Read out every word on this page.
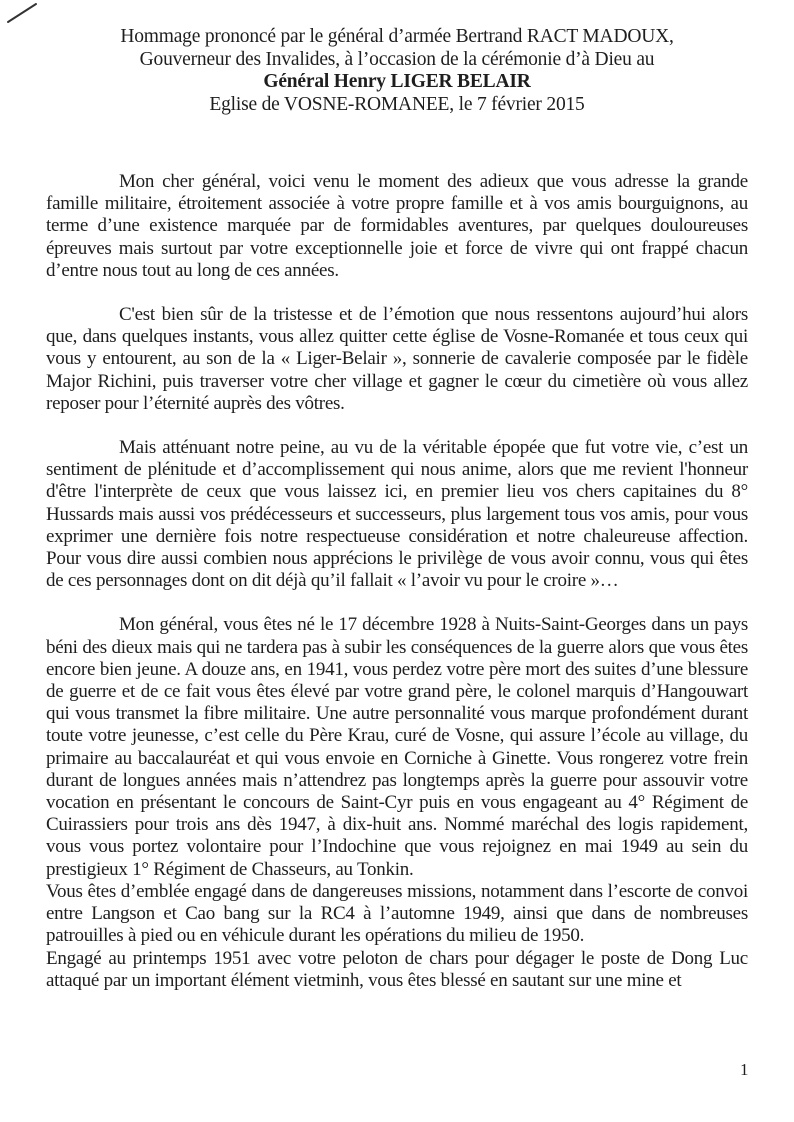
Hommage prononcé par le général d’armée Bertrand RACT MADOUX,
Gouverneur des Invalides, à l’occasion de la cérémonie d’à Dieu au
Général Henry LIGER BELAIR
Eglise de VOSNE-ROMANEE, le 7 février 2015

Mon cher général, voici venu le moment des adieux que vous adresse la grande famille militaire, étroitement associée à votre propre famille et à vos amis bourguignons, au terme d’une existence marquée par de formidables aventures, par quelques douloureuses épreuves mais surtout par votre exceptionnelle joie et force de vivre qui ont frappé chacun d’entre nous tout au long de ces années.

C'est bien sûr de la tristesse et de l’émotion que nous ressentons aujourd’hui alors que, dans quelques instants, vous allez quitter cette église de Vosne-Romanée et tous ceux qui vous y entourent, au son de la « Liger-Belair », sonnerie de cavalerie composée par le fidèle Major Richini, puis traverser votre cher village et gagner le cœur du cimetière où vous allez reposer pour l’éternité auprès des vôtres.

Mais atténuant notre peine, au vu de la véritable épopée que fut votre vie, c’est un sentiment de plénitude et d’accomplissement qui nous anime, alors que me revient l'honneur d'être l'interprète de ceux que vous laissez ici, en premier lieu vos chers capitaines du 8° Hussards mais aussi vos prédécesseurs et successeurs, plus largement tous vos amis, pour vous exprimer une dernière fois notre respectueuse considération et notre chaleureuse affection. Pour vous dire aussi combien nous apprécions le privilège de vous avoir connu, vous qui êtes de ces personnages dont on dit déjà qu’il fallait « l’avoir vu pour le croire »…

Mon général, vous êtes né le 17 décembre 1928 à Nuits-Saint-Georges dans un pays béni des dieux mais qui ne tardera pas à subir les conséquences de la guerre alors que vous êtes encore bien jeune. A douze ans, en 1941, vous perdez votre père mort des suites d’une blessure de guerre et de ce fait vous êtes élevé par votre grand père, le colonel marquis d’Hangouwart qui vous transmet la fibre militaire. Une autre personnalité vous marque profondément durant toute votre jeunesse, c’est celle du Père Krau, curé de Vosne, qui assure l’école au village, du primaire au baccalauréat et qui vous envoie en Corniche à Ginette. Vous rongerez votre frein durant de longues années mais n’attendrez pas longtemps après la guerre pour assouvir votre vocation en présentant le concours de Saint-Cyr puis en vous engageant au 4° Régiment de Cuirassiers pour trois ans dès 1947, à dix-huit ans. Nommé maréchal des logis rapidement, vous vous portez volontaire pour l’Indochine que vous rejoignez en mai 1949 au sein du prestigieux 1° Régiment de Chasseurs, au Tonkin.

Vous êtes d’emblée engagé dans de dangereuses missions, notamment dans l’escorte de convoi entre Langson et Cao bang sur la RC4 à l’automne 1949, ainsi que dans de nombreuses patrouilles à pied ou en véhicule durant les opérations du milieu de 1950.

Engagé au printemps 1951 avec votre peloton de chars pour dégager le poste de Dong Luc attaqué par un important élément vietminh, vous êtes blessé en sautant sur une mine et

1
